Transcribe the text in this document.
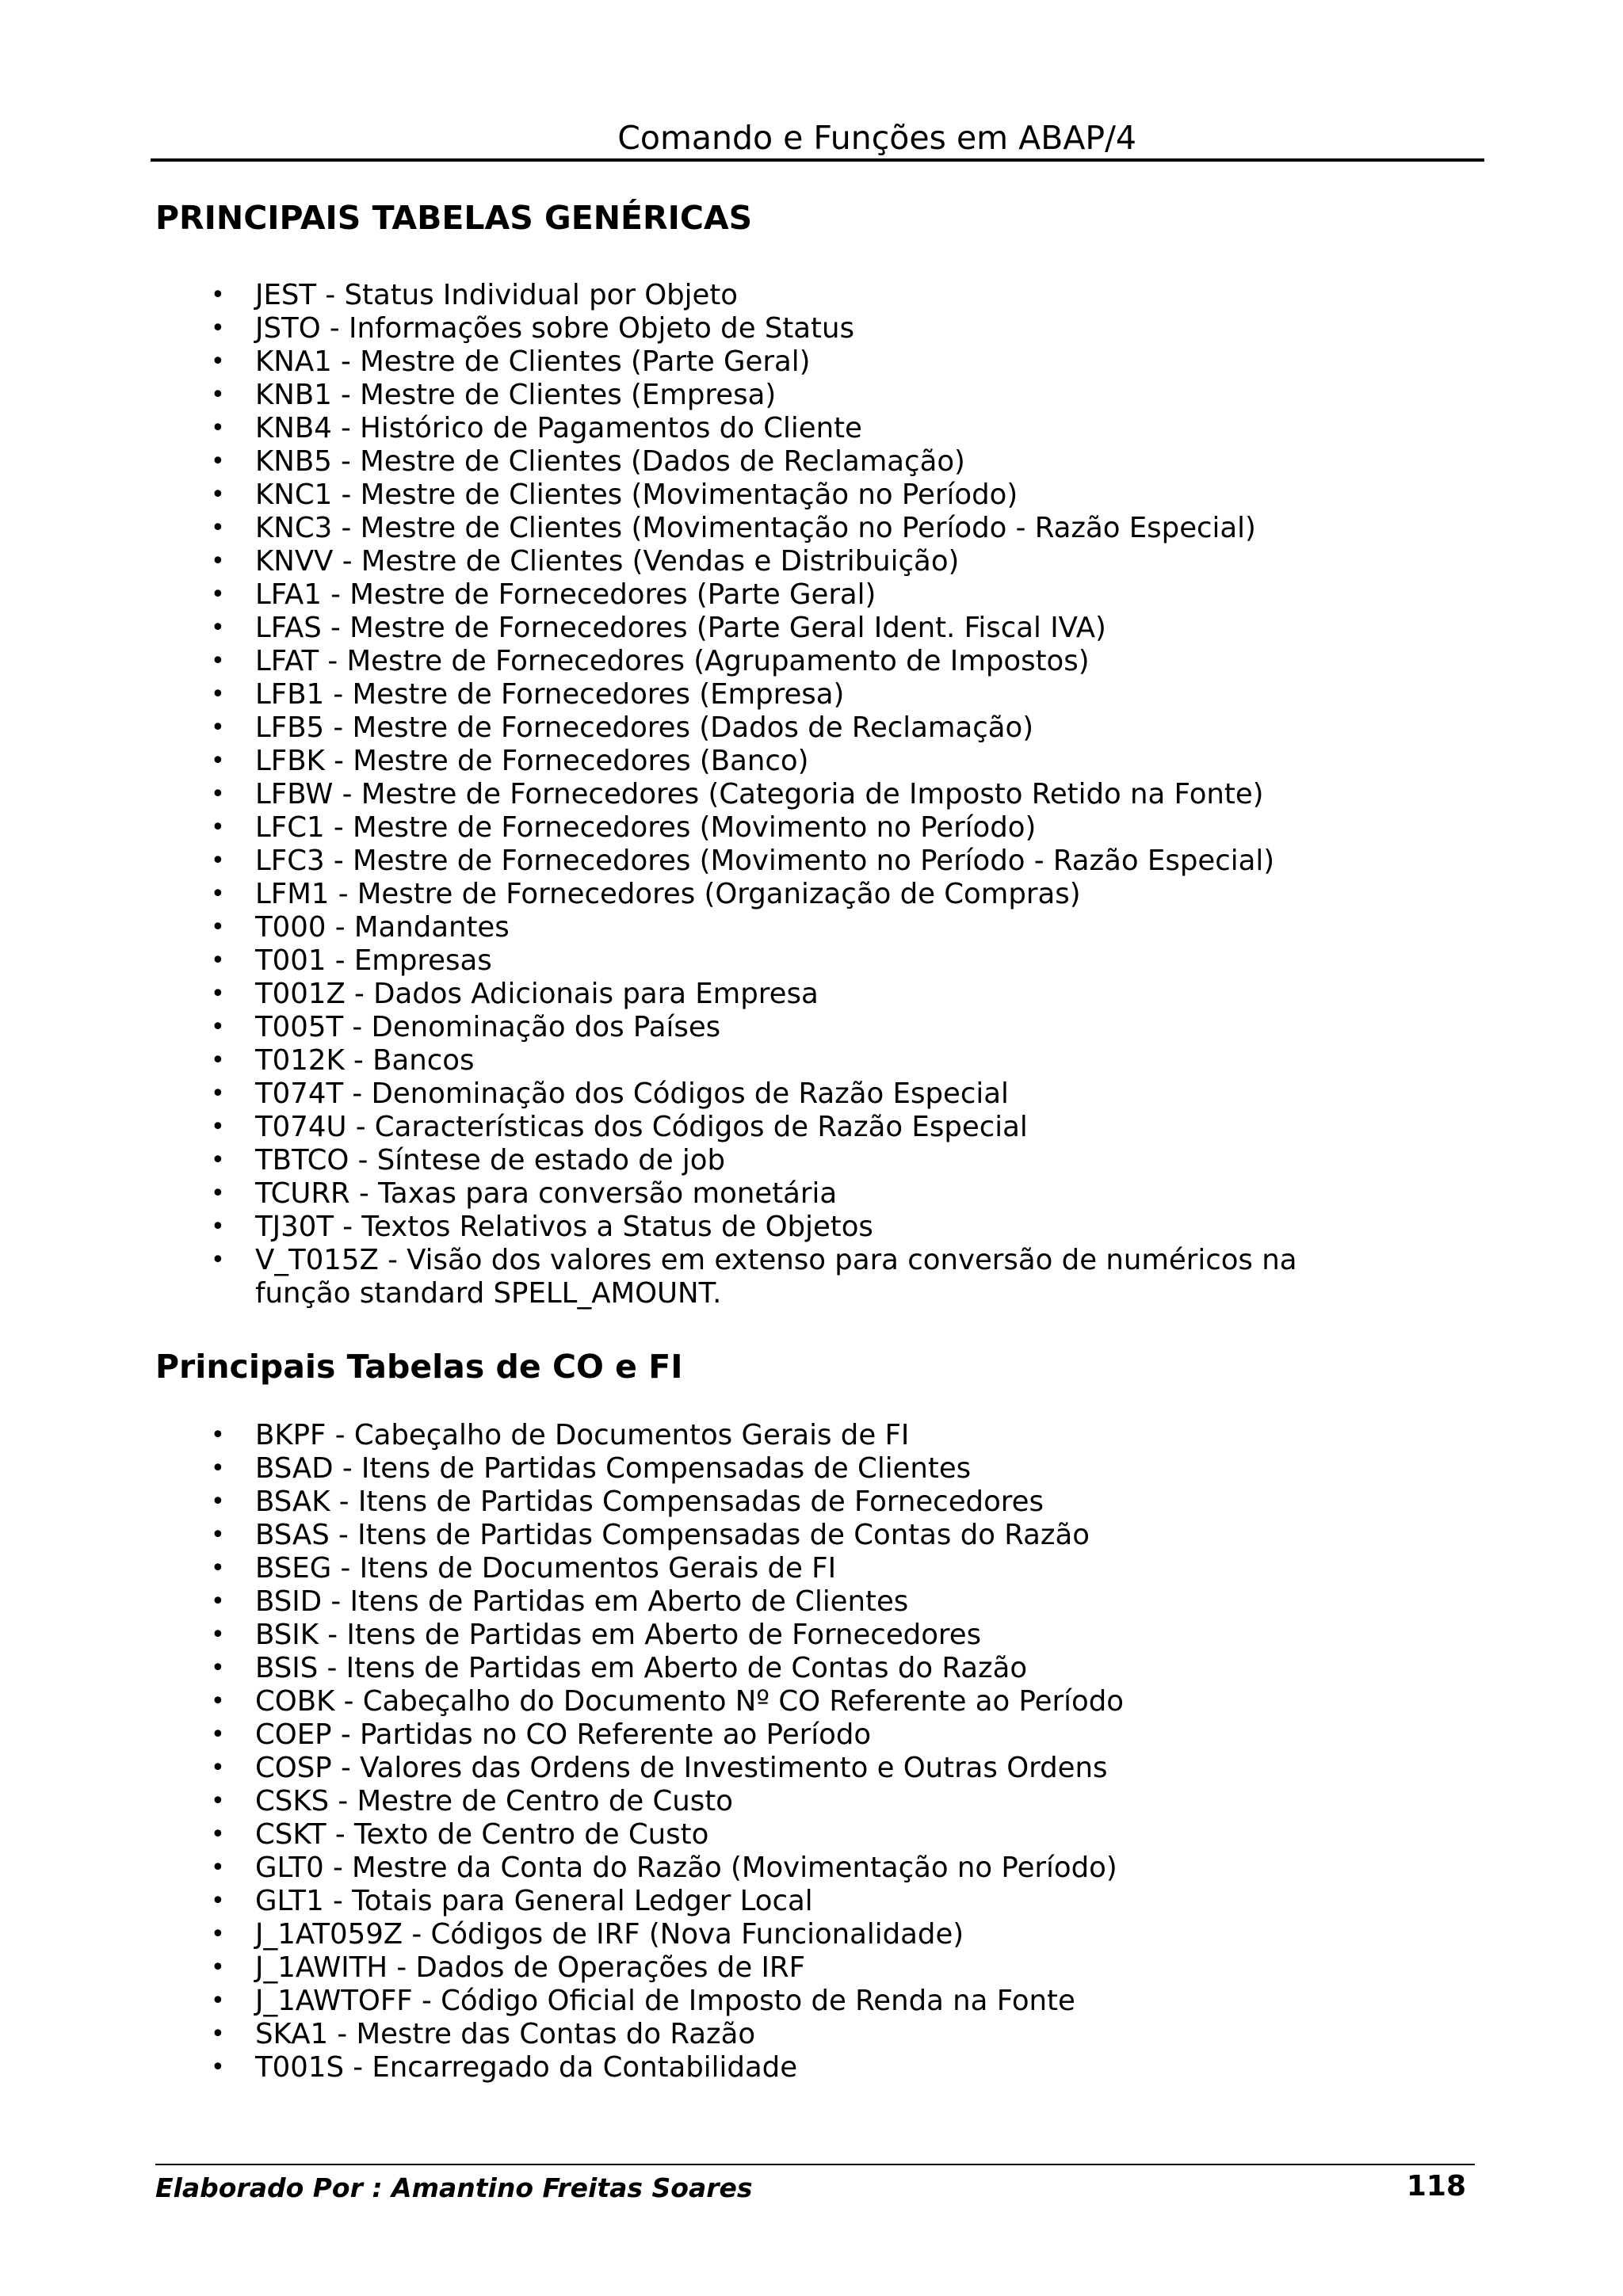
Comando e Funções em ABAP/4
PRINCIPAIS TABELAS GENÉRICAS
• JEST - Status Individual por Objeto
• JSTO - Informações sobre Objeto de Status
• KNA1 - Mestre de Clientes (Parte Geral)
• KNB1 - Mestre de Clientes (Empresa)
• KNB4 - Histórico de Pagamentos do Cliente
• KNB5 - Mestre de Clientes (Dados de Reclamação)
• KNC1 - Mestre de Clientes (Movimentação no Período)
• KNC3 - Mestre de Clientes (Movimentação no Período - Razão Especial)
• KNVV - Mestre de Clientes (Vendas e Distribuição)
• LFA1 - Mestre de Fornecedores (Parte Geral)
• LFAS - Mestre de Fornecedores (Parte Geral Ident. Fiscal IVA)
• LFAT - Mestre de Fornecedores (Agrupamento de Impostos)
• LFB1 - Mestre de Fornecedores (Empresa)
• LFB5 - Mestre de Fornecedores (Dados de Reclamação)
• LFBK - Mestre de Fornecedores (Banco)
• LFBW - Mestre de Fornecedores (Categoria de Imposto Retido na Fonte)
• LFC1 - Mestre de Fornecedores (Movimento no Período)
• LFC3 - Mestre de Fornecedores (Movimento no Período - Razão Especial)
• LFM1 - Mestre de Fornecedores (Organização de Compras)
• T000 - Mandantes
• T001 - Empresas
• T001Z - Dados Adicionais para Empresa
• T005T - Denominação dos Países
• T012K - Bancos
• T074T - Denominação dos Códigos de Razão Especial
• T074U - Características dos Códigos de Razão Especial
• TBTCO - Síntese de estado de job
• TCURR - Taxas para conversão monetária
• TJ30T - Textos Relativos a Status de Objetos
• V_T015Z - Visão dos valores em extenso para conversão de numéricos na função standard SPELL_AMOUNT.
Principais Tabelas de CO e FI
• BKPF - Cabeçalho de Documentos Gerais de FI
• BSAD - Itens de Partidas Compensadas de Clientes
• BSAK - Itens de Partidas Compensadas de Fornecedores
• BSAS - Itens de Partidas Compensadas de Contas do Razão
• BSEG - Itens de Documentos Gerais de FI
• BSID - Itens de Partidas em Aberto de Clientes
• BSIK - Itens de Partidas em Aberto de Fornecedores
• BSIS - Itens de Partidas em Aberto de Contas do Razão
• COBK - Cabeçalho do Documento Nº CO Referente ao Período
• COEP - Partidas no CO Referente ao Período
• COSP - Valores das Ordens de Investimento e Outras Ordens
• CSKS - Mestre de Centro de Custo
• CSKT - Texto de Centro de Custo
• GLT0 - Mestre da Conta do Razão (Movimentação no Período)
• GLT1 - Totais para General Ledger Local
• J_1AT059Z - Códigos de IRF (Nova Funcionalidade)
• J_1AWITH - Dados de Operações de IRF
• J_1AWTOFF - Código Oficial de Imposto de Renda na Fonte
• SKA1 - Mestre das Contas do Razão
• T001S - Encarregado da Contabilidade
Elaborado Por : Amantino Freitas Soares	118
